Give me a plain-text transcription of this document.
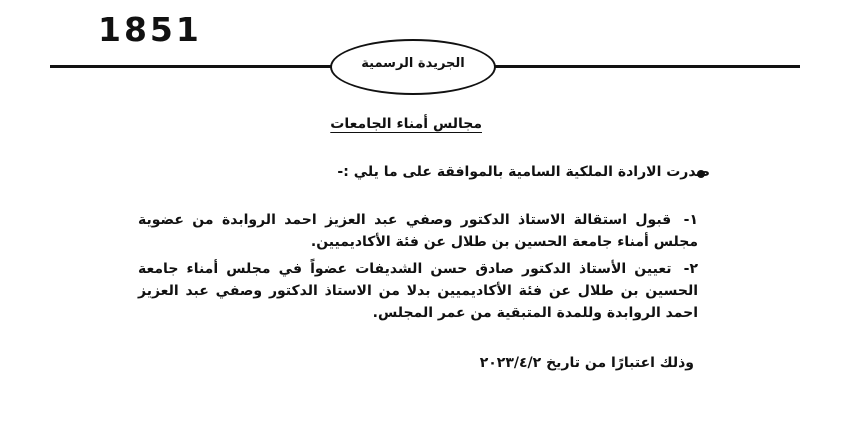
1851
الجريدة الرسمية
مجالس أمناء الجامعات
صدرت الارادة الملكية السامية بالموافقة على ما يلي :-
١- قبول استقالة الاستاذ الدكتور وصفي عبد العزيز احمد الروابدة من عضوية مجلس أمناء جامعة الحسين بن طلال عن فئة الأكاديميين.
٢- تعيين الأستاذ الدكتور صادق حسن الشديفات عضواً في مجلس أمناء جامعة الحسين بن طلال عن فئة الأكاديميين بدلا من الاستاذ الدكتور وصفي عبد العزيز احمد الروابدة وللمدة المتبقية من عمر المجلس.
وذلك اعتبارًا من تاريخ ٢٠٢٣/٤/٢
